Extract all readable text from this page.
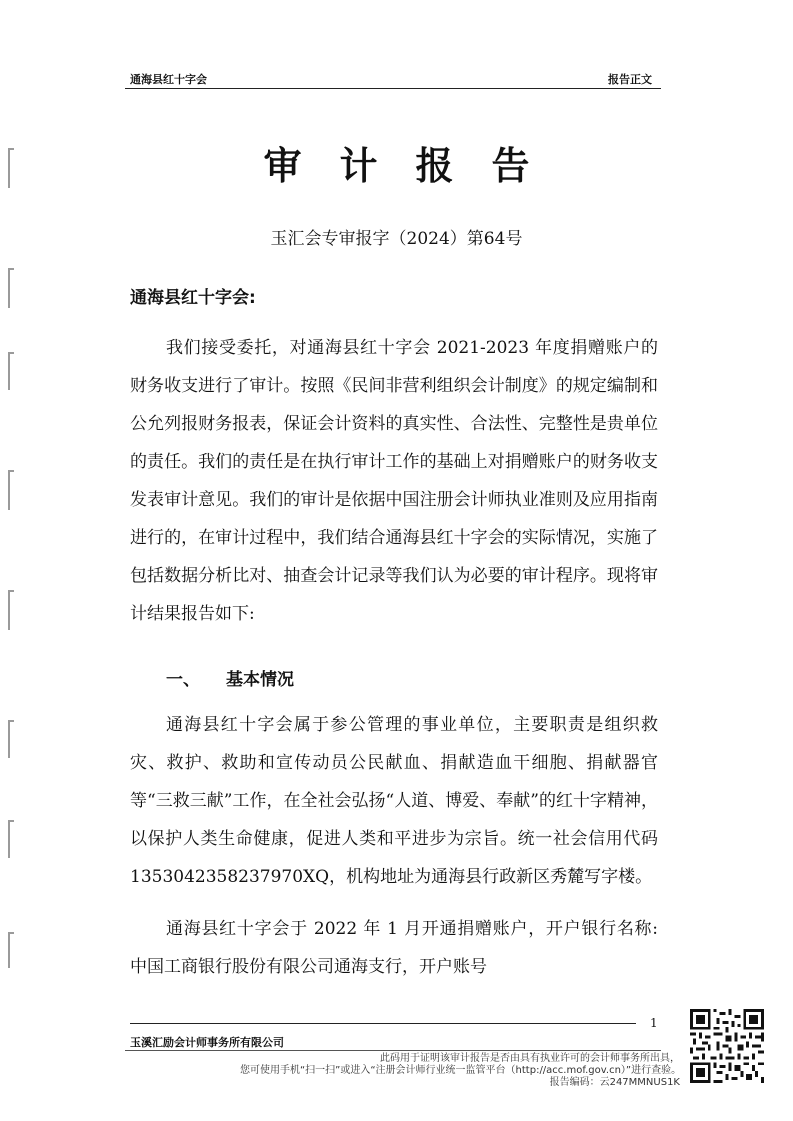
通海县红十字会	报告正文
审计报告
玉汇会专审报字（2024）第64号
通海县红十字会:
我们接受委托，对通海县红十字会 2021-2023 年度捐赠账户的财务收支进行了审计。按照《民间非营利组织会计制度》的规定编制和公允列报财务报表，保证会计资料的真实性、合法性、完整性是贵单位的责任。我们的责任是在执行审计工作的基础上对捐赠账户的财务收支发表审计意见。我们的审计是依据中国注册会计师执业准则及应用指南进行的，在审计过程中，我们结合通海县红十字会的实际情况，实施了包括数据分析比对、抽查会计记录等我们认为必要的审计程序。现将审计结果报告如下:
一、 基本情况
通海县红十字会属于参公管理的事业单位，主要职责是组织救灾、救护、救助和宣传动员公民献血、捐献造血干细胞、捐献器官等“三救三献”工作，在全社会弘扬“人道、博爱、奉献”的红十字精神，以保护人类生命健康，促进人类和平进步为宗旨。统一社会信用代码 1353042358237970XQ，机构地址为通海县行政新区秀麓写字楼。
通海县红十字会于 2022 年 1 月开通捐赠账户，开户银行名称: 中国工商银行股份有限公司通海支行，开户账号
1
玉溪汇励会计师事务所有限公司
此码用于证明该审计报告是否由具有执业许可的会计师事务所出具，
您可使用手机“扫一扫”或进入“注册会计师行业统一监管平台（http://acc.mof.gov.cn）”进行查验。
报告编码：云247MMNUS1K
